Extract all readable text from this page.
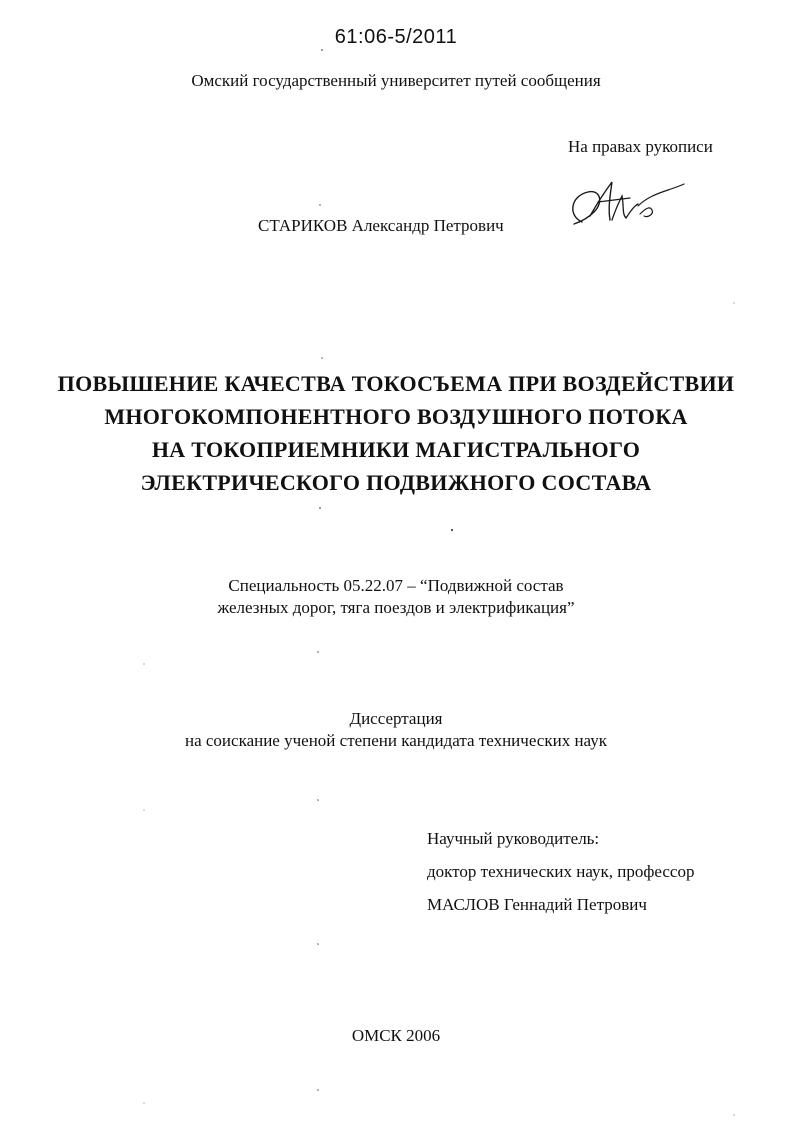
61:06-5/2011
Омский государственный университет путей сообщения
На правах рукописи
СТАРИКОВ Александр Петрович
ПОВЫШЕНИЕ КАЧЕСТВА ТОКОСЪЕМА ПРИ ВОЗДЕЙСТВИИ
МНОГОКОМПОНЕНТНОГО ВОЗДУШНОГО ПОТОКА
НА ТОКОПРИЕМНИКИ МАГИСТРАЛЬНОГО
ЭЛЕКТРИЧЕСКОГО ПОДВИЖНОГО СОСТАВА
Специальность 05.22.07 – “Подвижной состав
железных дорог, тяга поездов и электрификация”
Диссертация
на соискание ученой степени кандидата технических наук
Научный руководитель:
доктор технических наук, профессор
МАСЛОВ Геннадий Петрович
ОМСК 2006
